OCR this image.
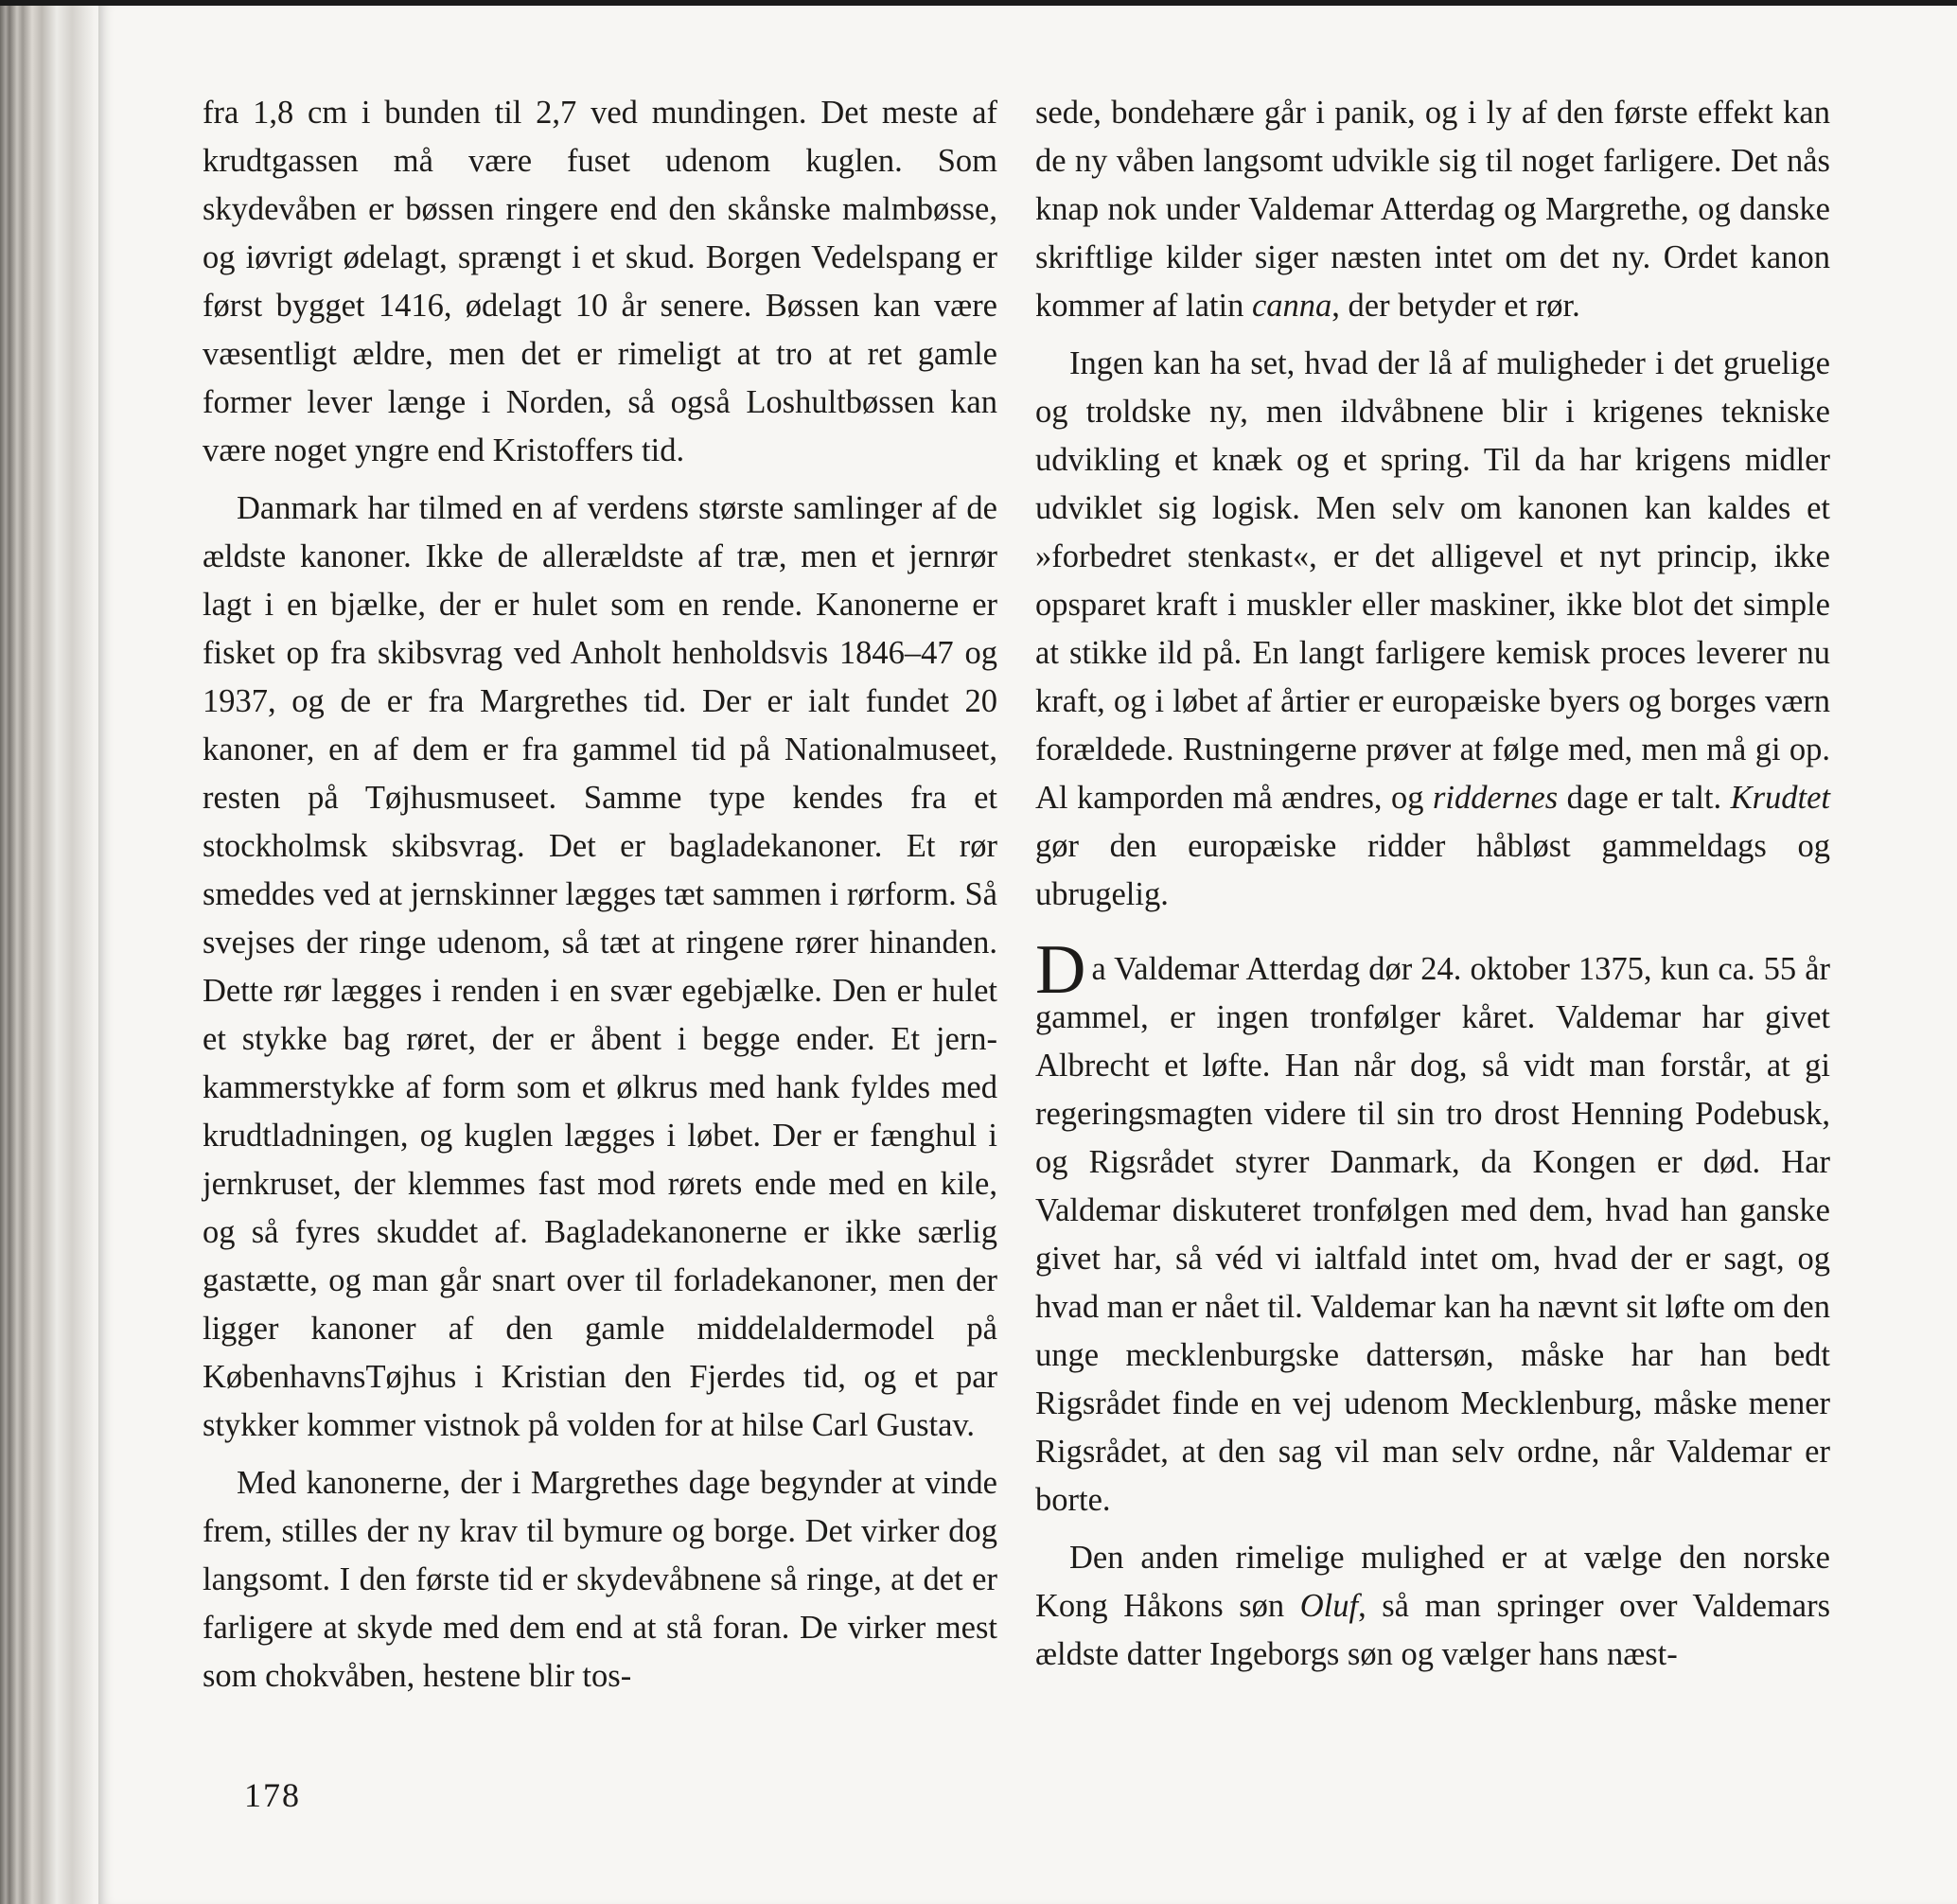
fra 1,8 cm i bunden til 2,7 ved mundingen. Det meste af krudtgassen må være fuset udenom kuglen. Som skydevåben er bøssen ringere end den skånske malmbøsse, og iøvrigt ødelagt, sprængt i et skud. Borgen Vedelspang er først bygget 1416, ødelagt 10 år senere. Bøssen kan være væsentligt ældre, men det er rimeligt at tro at ret gamle former lever længe i Norden, så også Loshultbøssen kan være noget yngre end Kristoffers tid.

Danmark har tilmed en af verdens største samlinger af de ældste kanoner. Ikke de allerældste af træ, men et jernrør lagt i en bjælke, der er hulet som en rende. Kanonerne er fisket op fra skibsvrag ved Anholt henholdsvis 1846–47 og 1937, og de er fra Margrethes tid. Der er ialt fundet 20 kanoner, en af dem er fra gammel tid på Nationalmuseet, resten på Tøjhusmuseet. Samme type kendes fra et stockholmsk skibsvrag. Det er bagladekanoner. Et rør smeddes ved at jernskinner lægges tæt sammen i rørform. Så svejses der ringe udenom, så tæt at ringene rører hinanden. Dette rør lægges i renden i en svær egebjælke. Den er hulet et stykke bag røret, der er åbent i begge ender. Et jern-kammerstykke af form som et ølkrus med hank fyldes med krudtladningen, og kuglen lægges i løbet. Der er fænghul i jernkruset, der klemmes fast mod rørets ende med en kile, og så fyres skuddet af. Bagladekanonerne er ikke særlig gastætte, og man går snart over til forladekanoner, men der ligger kanoner af den gamle middelaldermodel på KøbenhavnsTøjhus i Kristian den Fjerdes tid, og et par stykker kommer vistnok på volden for at hilse Carl Gustav.

Med kanonerne, der i Margrethes dage begynder at vinde frem, stilles der ny krav til bymure og borge. Det virker dog langsomt. I den første tid er skydevåbnene så ringe, at det er farligere at skyde med dem end at stå foran. De virker mest som chokvåben, hestene blir tos-

sede, bondehære går i panik, og i ly af den første effekt kan de ny våben langsomt udvikle sig til noget farligere. Det nås knap nok under Valdemar Atterdag og Margrethe, og danske skriftlige kilder siger næsten intet om det ny. Ordet kanon kommer af latin canna, der betyder et rør.

Ingen kan ha set, hvad der lå af muligheder i det gruelige og troldske ny, men ildvåbnene blir i krigenes tekniske udvikling et knæk og et spring. Til da har krigens midler udviklet sig logisk. Men selv om kanonen kan kaldes et »forbedret stenkast«, er det alligevel et nyt princip, ikke opsparet kraft i muskler eller maskiner, ikke blot det simple at stikke ild på. En langt farligere kemisk proces leverer nu kraft, og i løbet af årtier er europæiske byers og borges værn forældede. Rustningerne prøver at følge med, men må gi op. Al kamporden må ændres, og riddernes dage er talt. Krudtet gør den europæiske ridder håbløst gammeldags og ubrugelig.

Da Valdemar Atterdag dør 24. oktober 1375, kun ca. 55 år gammel, er ingen tronfølger kåret. Valdemar har givet Albrecht et løfte. Han når dog, så vidt man forstår, at gi regeringsmagten videre til sin tro drost Henning Podebusk, og Rigsrådet styrer Danmark, da Kongen er død. Har Valdemar diskuteret tronfølgen med dem, hvad han ganske givet har, så véd vi ialtfald intet om, hvad der er sagt, og hvad man er nået til. Valdemar kan ha nævnt sit løfte om den unge mecklenburgske dattersøn, måske har han bedt Rigsrådet finde en vej udenom Mecklenburg, måske mener Rigsrådet, at den sag vil man selv ordne, når Valdemar er borte.

Den anden rimelige mulighed er at vælge den norske Kong Håkons søn Oluf, så man springer over Valdemars ældste datter Ingeborgs søn og vælger hans næst-

178
